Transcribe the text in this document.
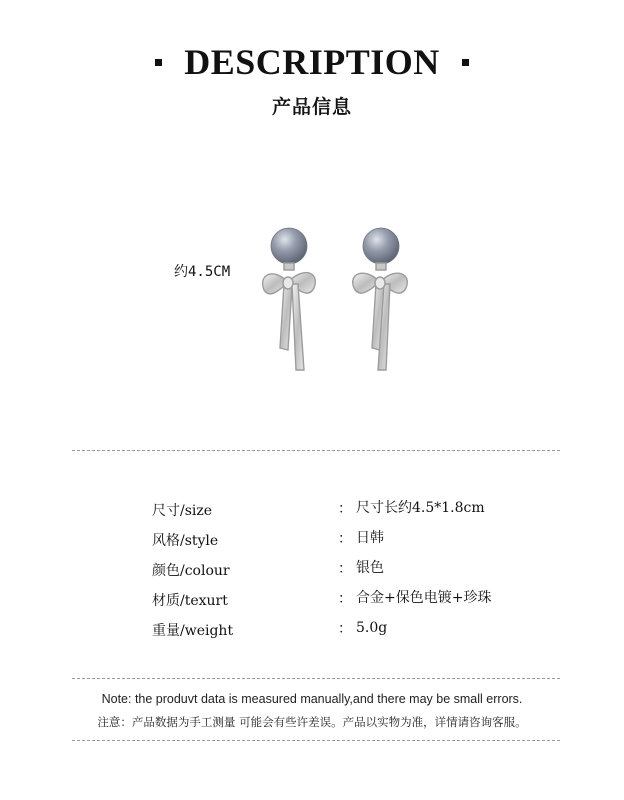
DESCRIPTION
产品信息
约4.5CM
尺寸/size	： 尺寸长约4.5*1.8cm
风格/style	： 日韩
颜色/colour	： 银色
材质/texurt	： 合金+保色电镀+珍珠
重量/weight	： 5.0g
Note: the produvt data is measured manually,and there may be small errors.
注意：产品数据为手工测量 可能会有些许差误。产品以实物为准，详情请咨询客服。
